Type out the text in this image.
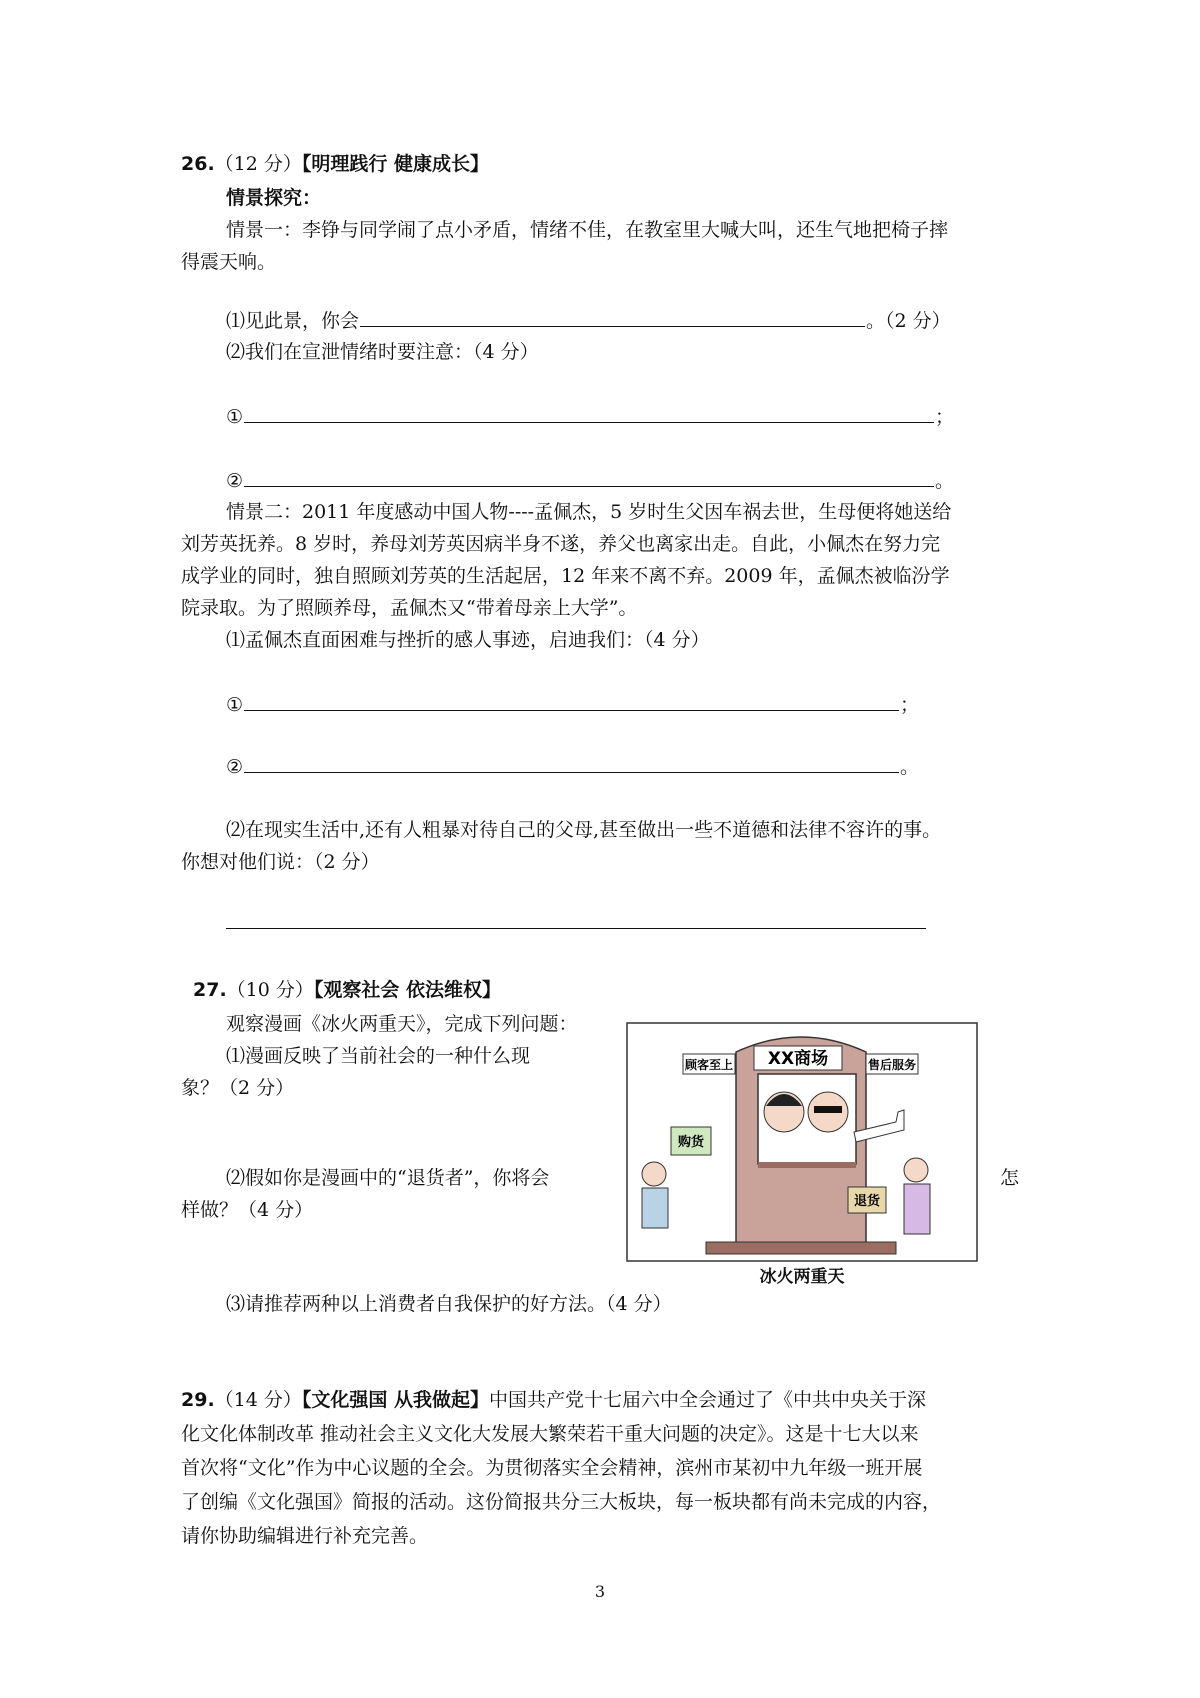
26.（12 分）【明理践行 健康成长】
情景探究：
情景一：李铮与同学闹了点小矛盾，情绪不佳，在教室里大喊大叫，还生气地把椅子摔
得震天响。
⑴见此景，你会	。（2 分）
⑵我们在宣泄情绪时要注意：（4 分）
①	；
②	。
情景二：2011 年度感动中国人物----孟佩杰，5 岁时生父因车祸去世，生母便将她送给
刘芳英抚养。8 岁时，养母刘芳英因病半身不遂，养父也离家出走。自此，小佩杰在努力完
成学业的同时，独自照顾刘芳英的生活起居，12 年来不离不弃。2009 年，孟佩杰被临汾学
院录取。为了照顾养母，孟佩杰又“带着母亲上大学”。
⑴孟佩杰直面困难与挫折的感人事迹，启迪我们：（4 分）
①	；
②	。
⑵在现实生活中,还有人粗暴对待自己的父母,甚至做出一些不道德和法律不容许的事。
你想对他们说：（2 分）
27.（10 分）【观察社会 依法维权】
观察漫画《冰火两重天》，完成下列问题：
⑴漫画反映了当前社会的一种什么现
象？（2 分）
⑵假如你是漫画中的“退货者”，你将会	怎
样做？（4 分）
⑶请推荐两种以上消费者自我保护的好方法。（4 分）
XX商场
顾客至上	售后服务
购货
退货
冰火两重天
29.（14 分）【文化强国 从我做起】中国共产党十七届六中全会通过了《中共中央关于深
化文化体制改革 推动社会主义文化大发展大繁荣若干重大问题的决定》。这是十七大以来
首次将“文化”作为中心议题的全会。为贯彻落实全会精神，滨州市某初中九年级一班开展
了创编《文化强国》简报的活动。这份简报共分三大板块，每一板块都有尚未完成的内容，
请你协助编辑进行补充完善。
3
